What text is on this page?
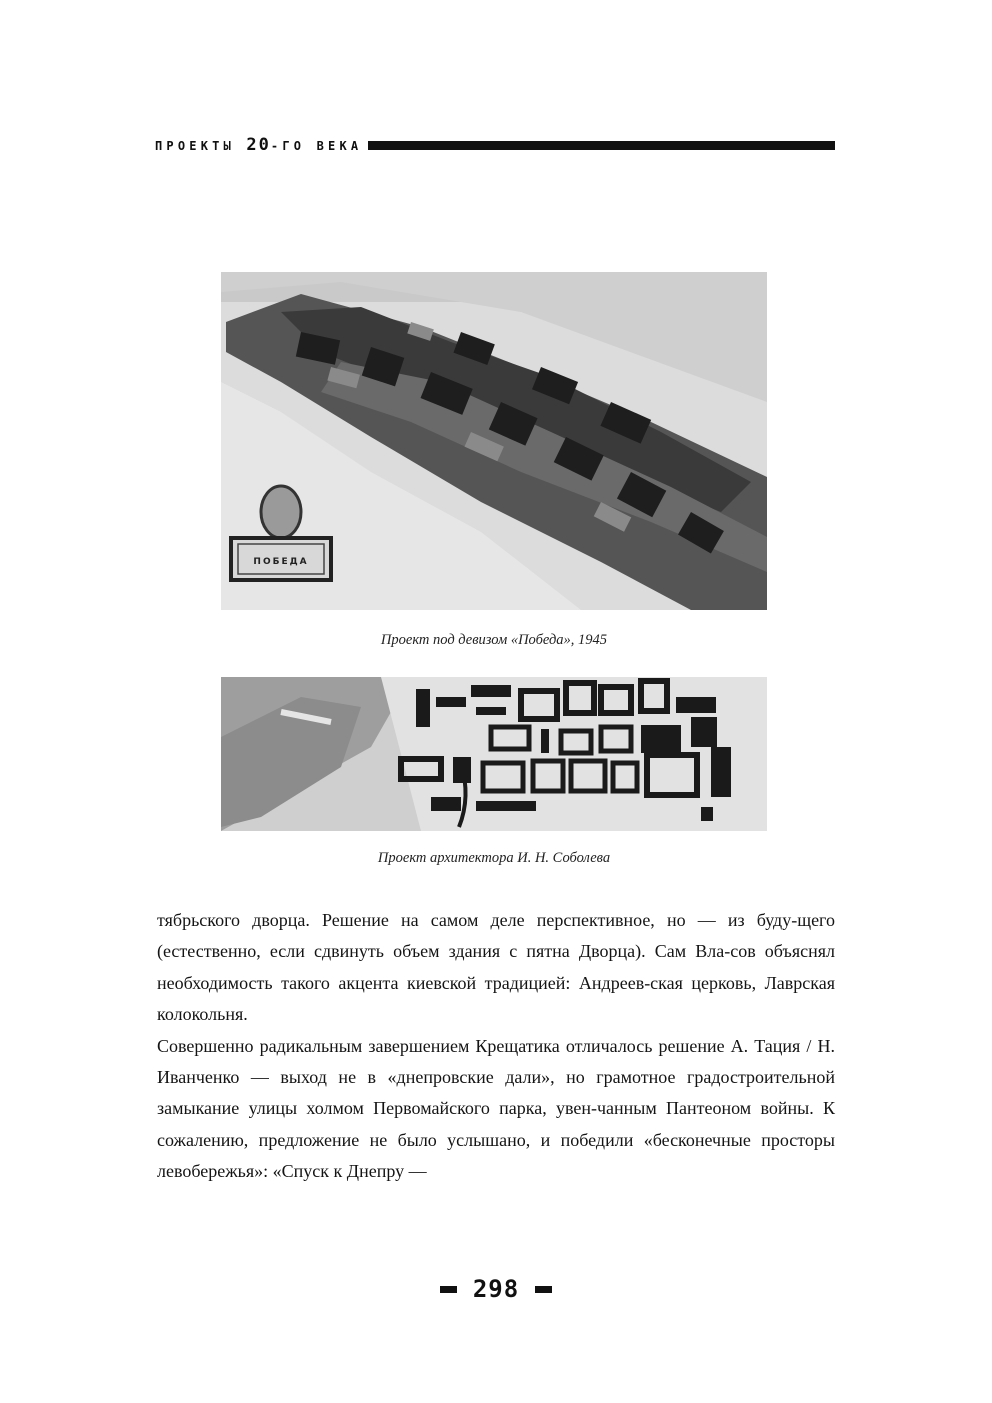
ПРОЕКТЫ 20-ГО ВЕКА
ПОБЕДА
Проект под девизом «Победа», 1945
Проект архитектора И. Н. Соболева

тябрьского дворца. Решение на самом деле перспективное, но — из буду-щего (естественно, если сдвинуть объем здания с пятна Дворца). Сам Вла-сов объяснял необходимость такого акцента киевской традицией: Андреев-ская церковь, Лаврская колокольня.

Совершенно радикальным завершением Крещатика отличалось решение А. Тация / Н. Иванченко — выход не в «днепровские дали», но грамотное градостроительной замыкание улицы холмом Первомайского парка, увен-чанным Пантеоном войны. К сожалению, предложение не было услышано, и победили «бесконечные просторы левобережья»: «Спуск к Днепру —

298
